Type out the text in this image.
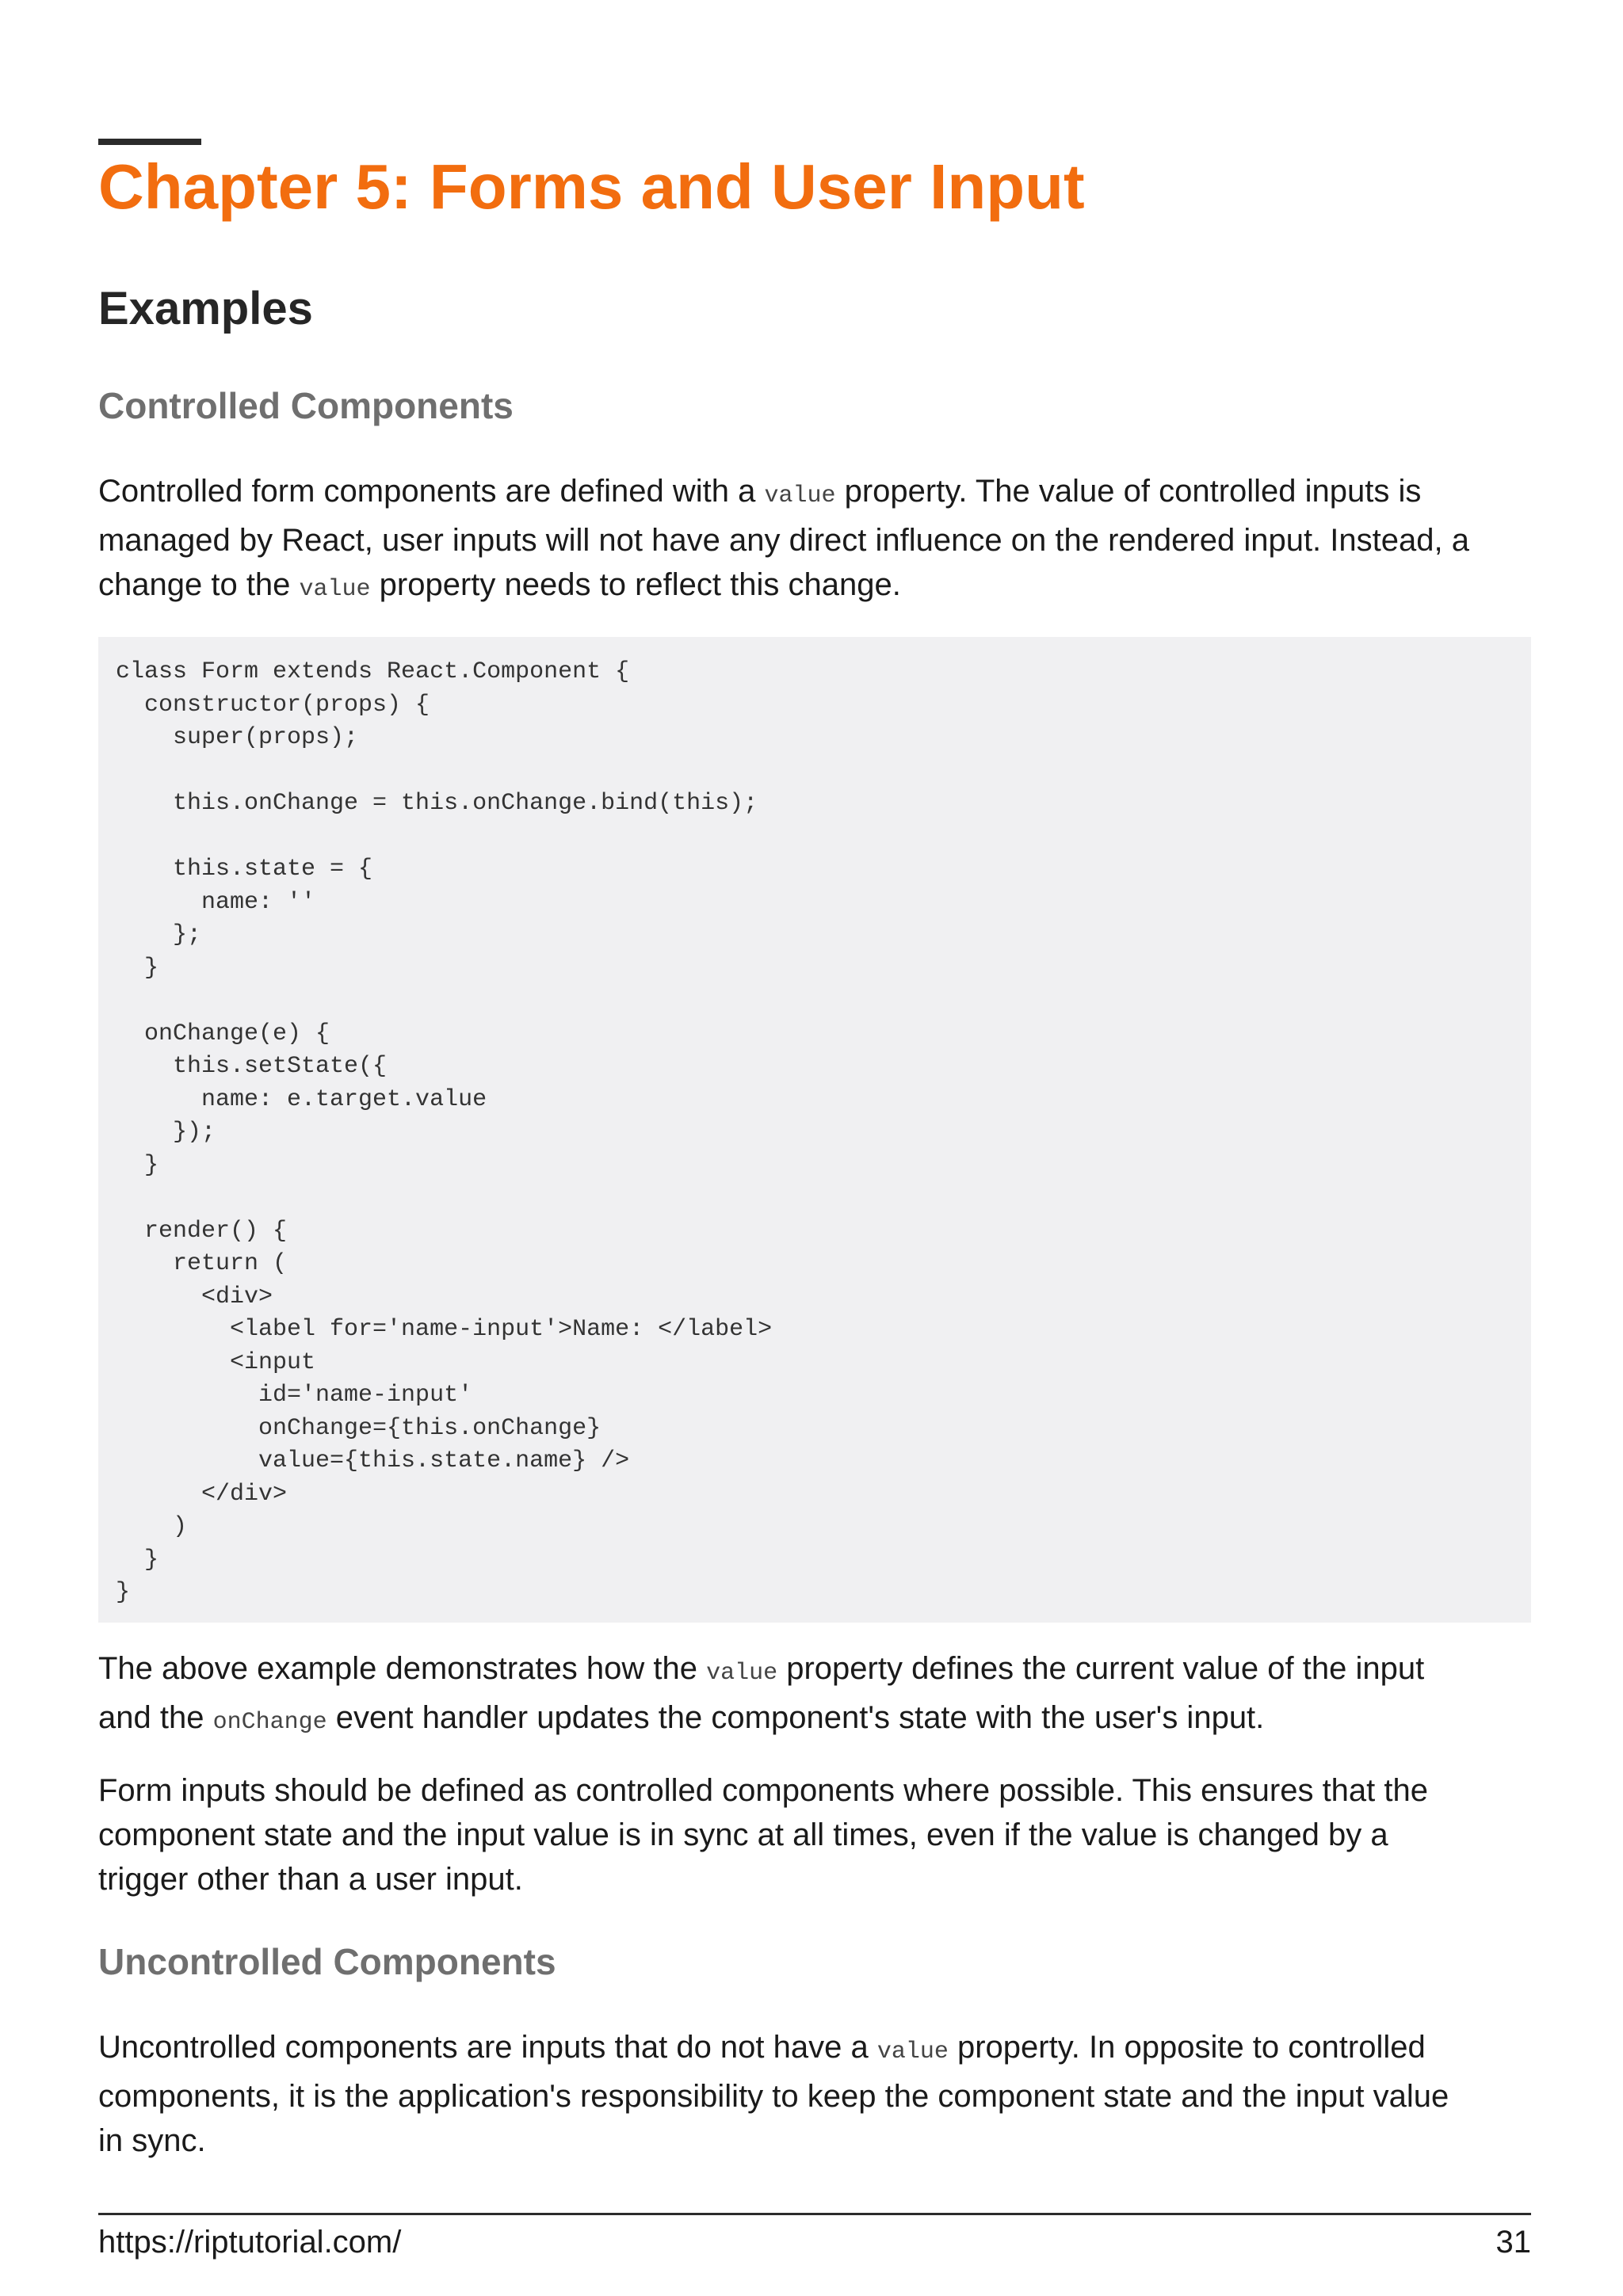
Chapter 5: Forms and User Input
Examples
Controlled Components

Controlled form components are defined with a value property. The value of controlled inputs is
managed by React, user inputs will not have any direct influence on the rendered input. Instead, a
change to the value property needs to reflect this change.

class Form extends React.Component {
constructor(props) {
super(props);

this.onChange = this.onChange.bind(this);

this.state = {
name: ''
};
}

onChange(e) {
this.setState({
name: e.target.value
});
}

render() {
return (
<div>
<label for='name-input'>Name: </label>
<input
id='name-input'
onChange={this.onChange}
value={this.state.name} />
</div>
)
}
}

The above example demonstrates how the value property defines the current value of the input
and the onChange event handler updates the component's state with the user's input.

Form inputs should be defined as controlled components where possible. This ensures that the
component state and the input value is in sync at all times, even if the value is changed by a
trigger other than a user input.

Uncontrolled Components

Uncontrolled components are inputs that do not have a value property. In opposite to controlled
components, it is the application's responsibility to keep the component state and the input value
in sync.

https://riptutorial.com/	31
